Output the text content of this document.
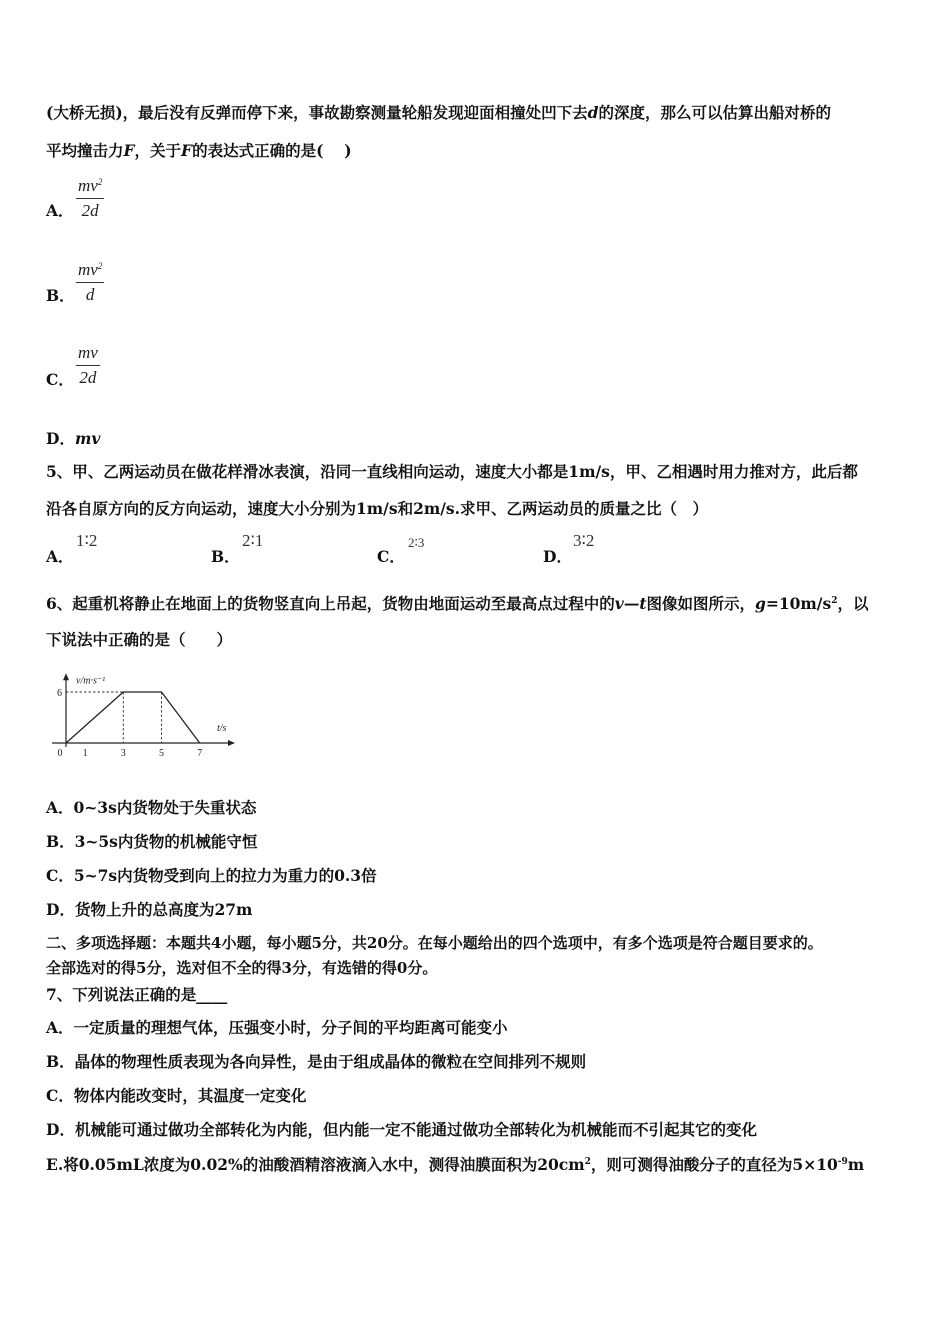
(大桥无损)，最后没有反弹而停下来，事故勘察测量轮船发现迎面相撞处凹下去d的深度，那么可以估算出船对桥的
平均撞击力F，关于F的表达式正确的是(　 )
A． $\frac{mv^2}{2d}$
B． $\frac{mv^2}{d}$
C． $\frac{mv}{2d}$
D．mv
5、甲、乙两运动员在做花样滑冰表演，沿同一直线相向运动，速度大小都是1m/s，甲、乙相遇时用力推对方，此后都
沿各自原方向的反方向运动，速度大小分别为1m/s和2m/s.求甲、乙两运动员的质量之比（　）
A．
1∶2
B．
2∶1
C．
2∶3
D．
3∶2
6、起重机将静止在地面上的货物竖直向上吊起，货物由地面运动至最高点过程中的v—t图像如图所示，$g=10m/s^2$，以
下说法中正确的是（　　）
0 1	3	5	7
6
v/m·s⁻¹
t/s
A．0~3s内货物处于失重状态
B．3~5s内货物的机械能守恒
C．5~7s内货物受到向上的拉力为重力的0.3倍
D．货物上升的总高度为27m
二、多项选择题：本题共4小题，每小题5分，共20分。在每小题给出的四个选项中，有多个选项是符合题目要求的。
全部选对的得5分，选对但不全的得3分，有选错的得0分。
7、下列说法正确的是____
A．一定质量的理想气体，压强变小时，分子间的平均距离可能变小
B．晶体的物理性质表现为各向异性，是由于组成晶体的微粒在空间排列不规则
C．物体内能改变时，其温度一定变化
D．机械能可通过做功全部转化为内能，但内能一定不能通过做功全部转化为机械能而不引起其它的变化
E.将0.05mL浓度为0.02%的油酸酒精溶液滴入水中，测得油膜面积为$20cm^2$，则可测得油酸分子的直径为$5\times 10^{-9}m$
